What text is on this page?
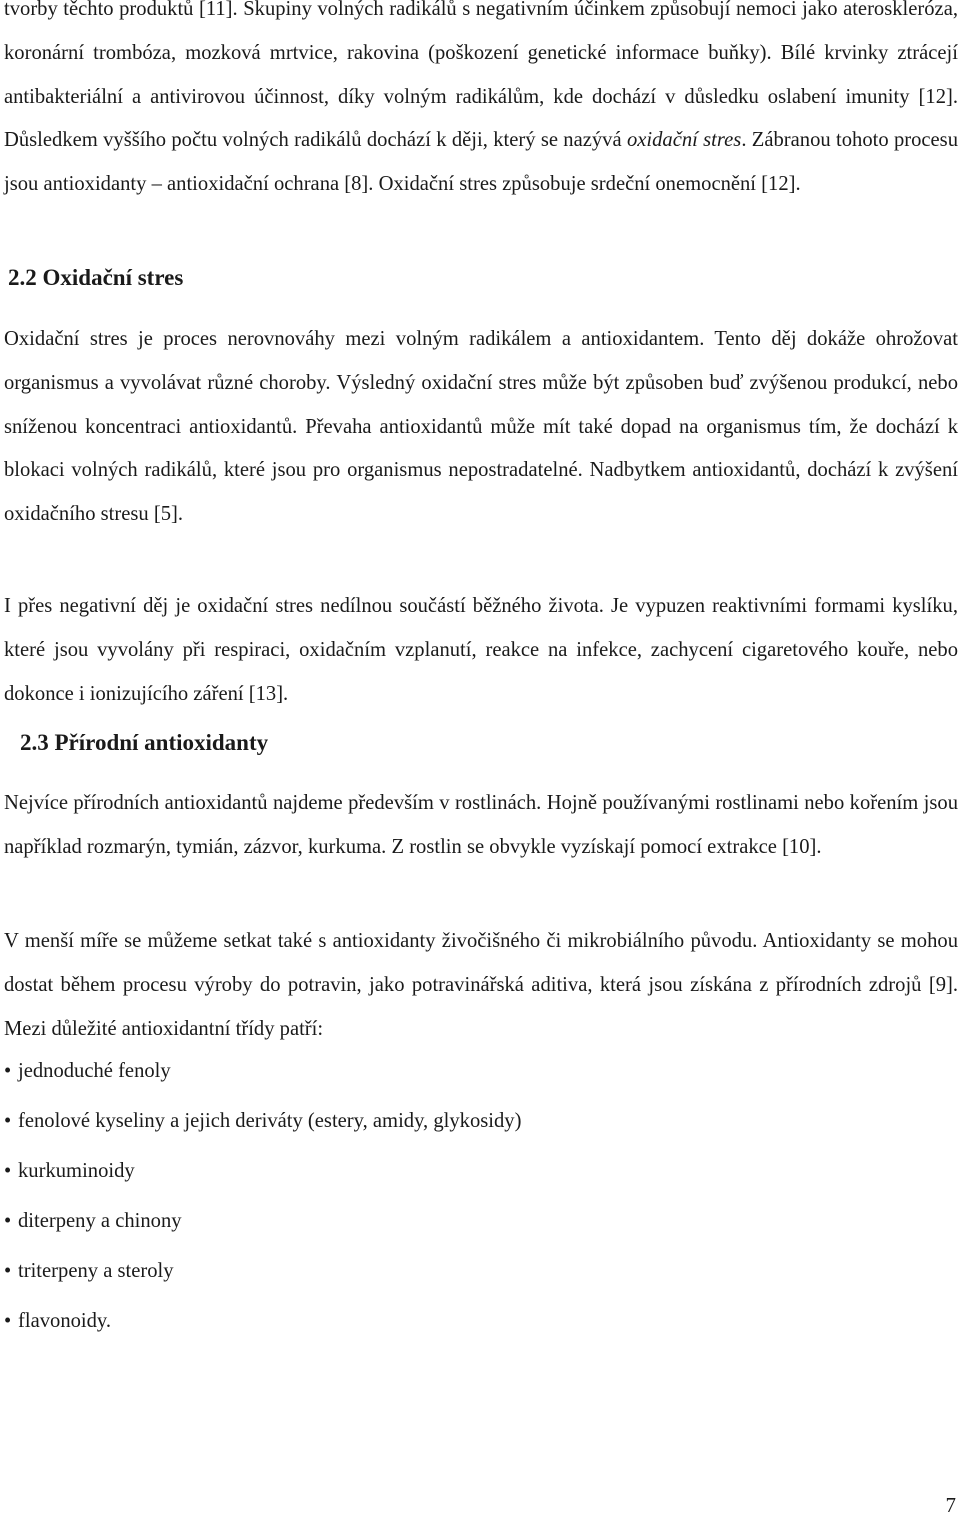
tvorby těchto produktů [11]. Skupiny volných radikálů s negativním účinkem způsobují nemoci jako ateroskleróza, koronární trombóza, mozková mrtvice, rakovina (poškození genetické informace buňky). Bílé krvinky ztrácejí antibakteriální a antivirovou účinnost, díky volným radikálům, kde dochází v důsledku oslabení imunity [12]. Důsledkem vyššího počtu volných radikálů dochází k ději, který se nazývá oxidační stres. Zábranou tohoto procesu jsou antioxidanty – antioxidační ochrana [8]. Oxidační stres způsobuje srdeční onemocnění [12].

2.2 Oxidační stres

Oxidační stres je proces nerovnováhy mezi volným radikálem a antioxidantem. Tento děj dokáže ohrožovat organismus a vyvolávat různé choroby. Výsledný oxidační stres může být způsoben buď zvýšenou produkcí, nebo sníženou koncentraci antioxidantů. Převaha antioxidantů může mít také dopad na organismus tím, že dochází k blokaci volných radikálů, které jsou pro organismus nepostradatelné. Nadbytkem antioxidantů, dochází k zvýšení oxidačního stresu [5].

I přes negativní děj je oxidační stres nedílnou součástí běžného života. Je vypuzen reaktivními formami kyslíku, které jsou vyvolány při respiraci, oxidačním vzplanutí, reakce na infekce, zachycení cigaretového kouře, nebo dokonce i ionizujícího záření [13].

2.3 Přírodní antioxidanty

Nejvíce přírodních antioxidantů najdeme především v rostlinách. Hojně používanými rostlinami nebo kořením jsou například rozmarýn, tymián, zázvor, kurkuma. Z rostlin se obvykle vyzískají pomocí extrakce [10].

V menší míře se můžeme setkat také s antioxidanty živočišného či mikrobiálního původu. Antioxidanty se mohou dostat během procesu výroby do potravin, jako potravinářská aditiva, která jsou získána z přírodních zdrojů [9]. Mezi důležité antioxidantní třídy patří:

• jednoduché fenoly
• fenolové kyseliny a jejich deriváty (estery, amidy, glykosidy)
• kurkuminoidy
• diterpeny a chinony
• triterpeny a steroly
• flavonoidy.
7
